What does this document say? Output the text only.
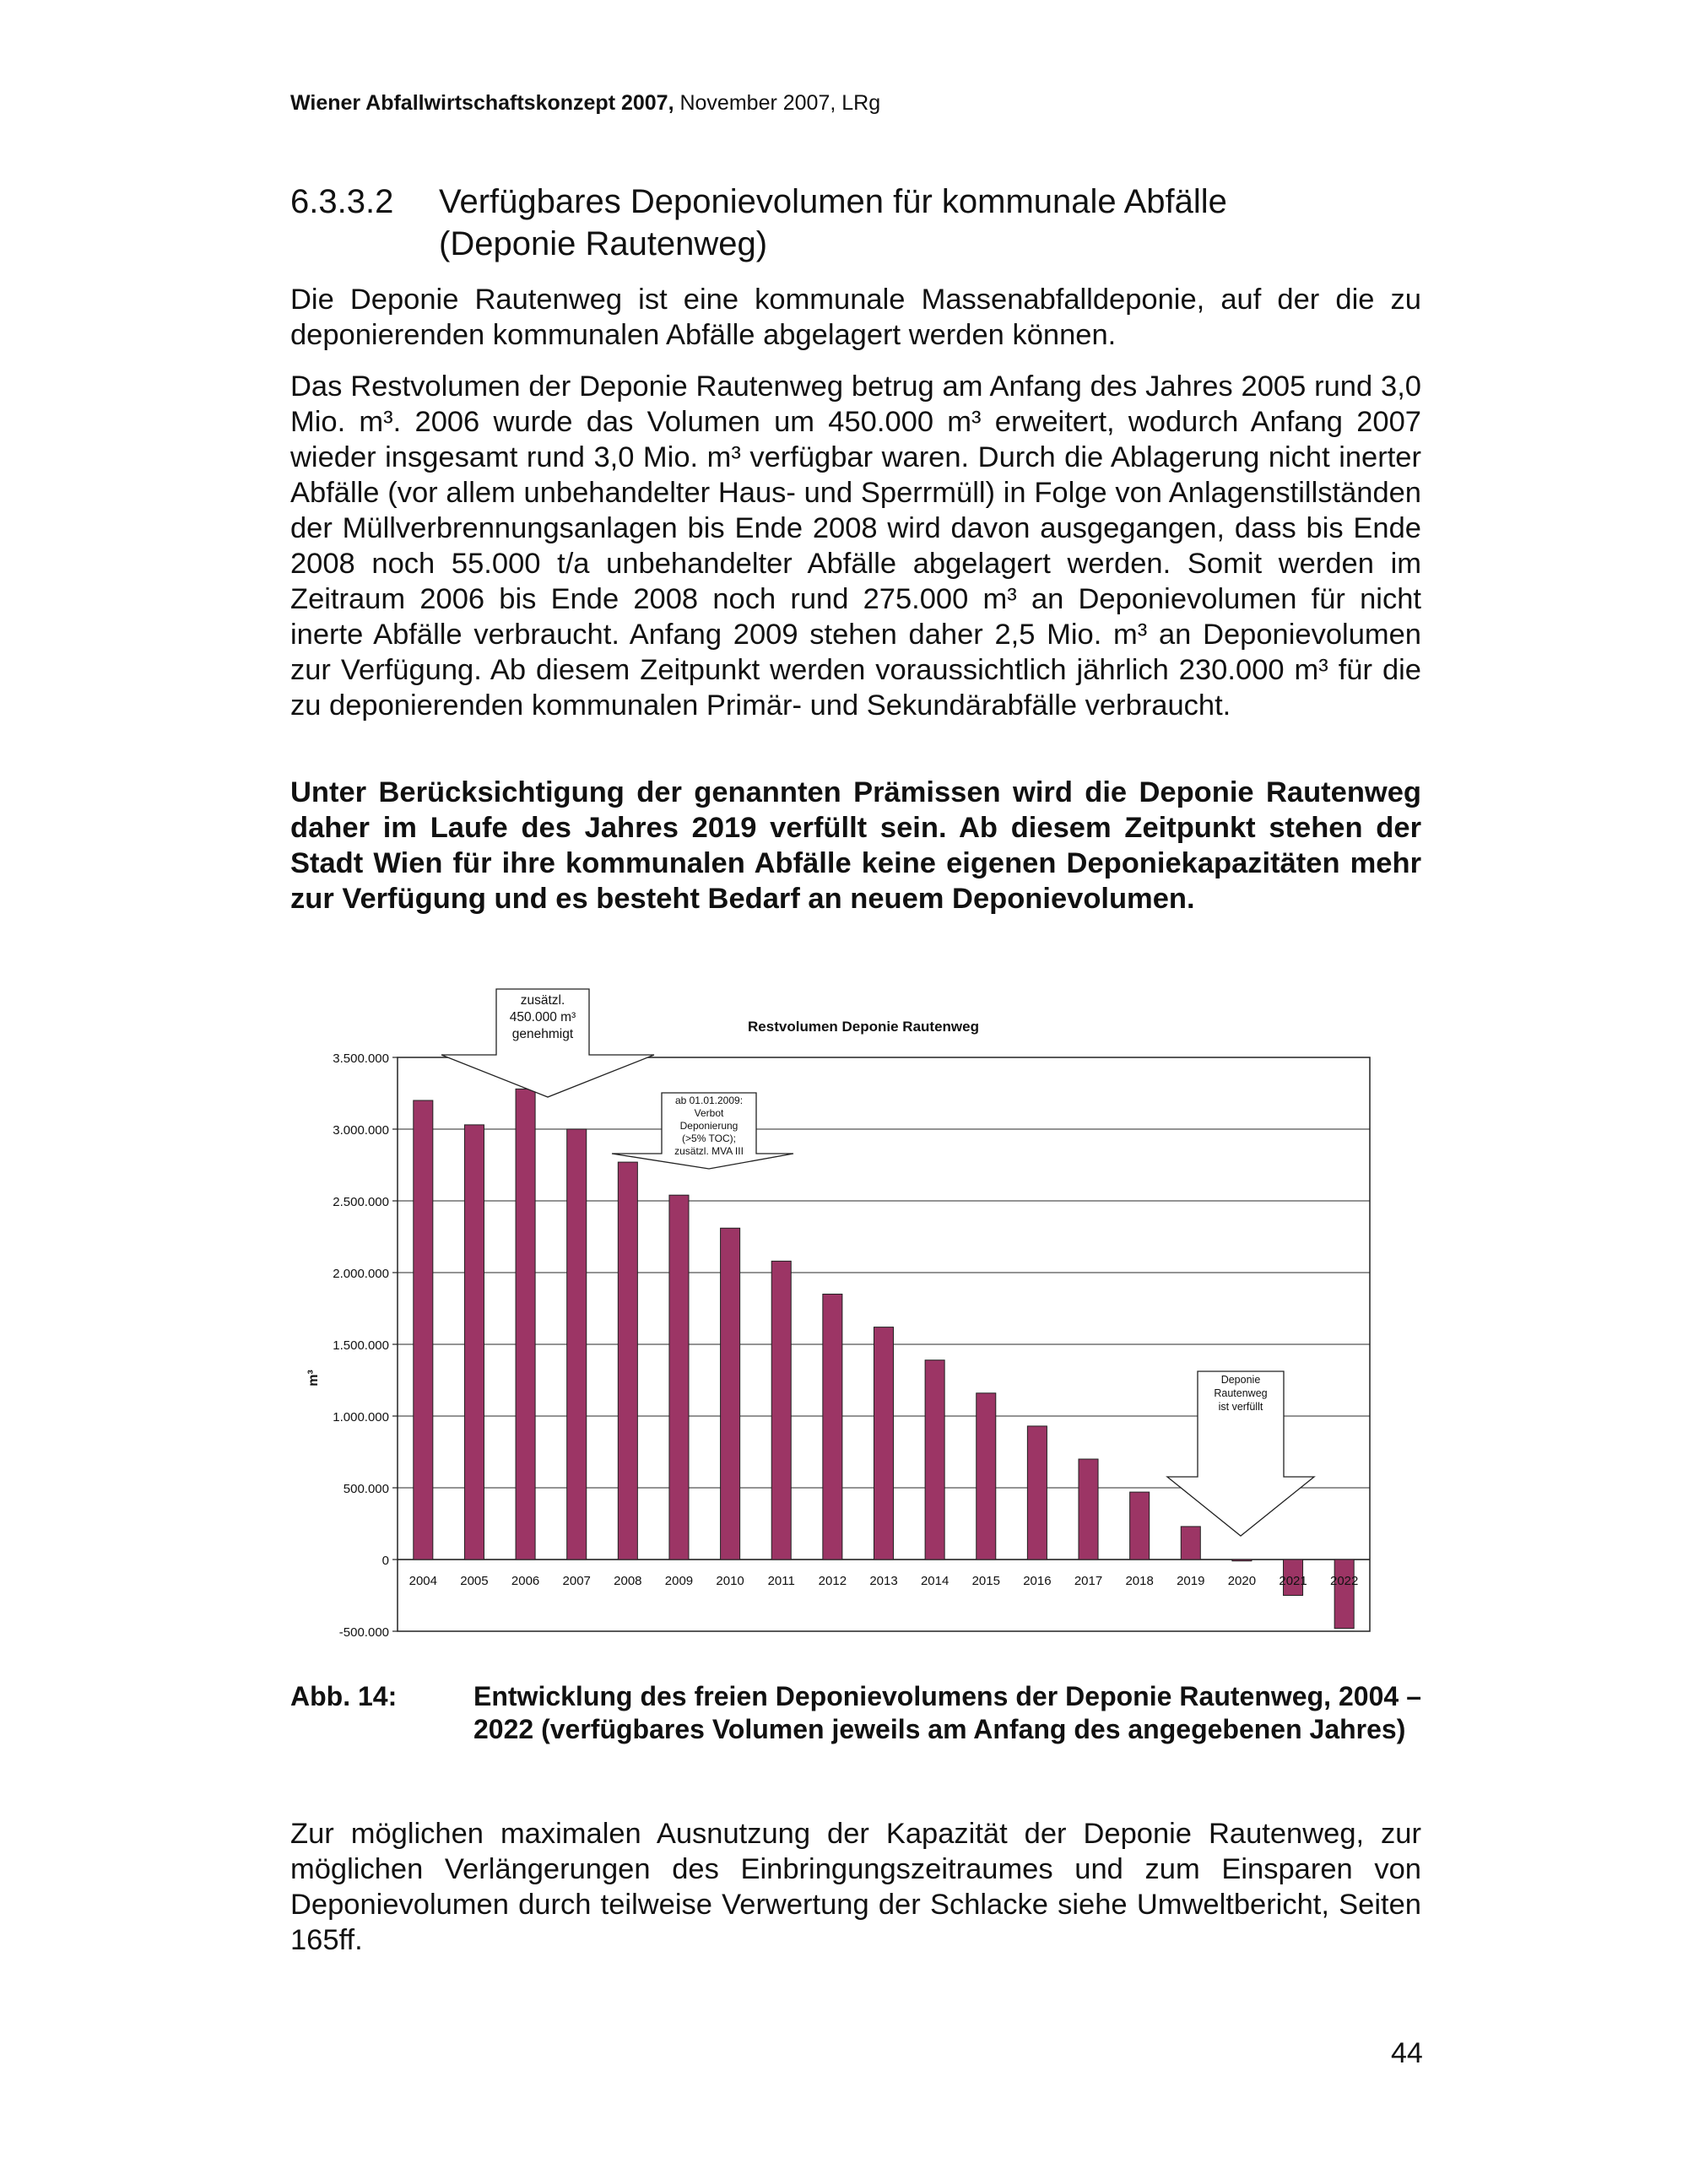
Wiener Abfallwirtschaftskonzept 2007, November 2007, LRg
6.3.3.2 Verfügbares Deponievolumen für kommunale Abfälle
(Deponie Rautenweg)

Die Deponie Rautenweg ist eine kommunale Massenabfalldeponie, auf der die zu deponierenden kommunalen Abfälle abgelagert werden können.

Das Restvolumen der Deponie Rautenweg betrug am Anfang des Jahres 2005 rund 3,0 Mio. m³. 2006 wurde das Volumen um 450.000 m³ erweitert, wodurch Anfang 2007 wieder insgesamt rund 3,0 Mio. m³ verfügbar waren. Durch die Ablagerung nicht inerter Abfälle (vor allem unbehandelter Haus- und Sperrmüll) in Folge von Anlagenstillständen der Müllverbrennungsanlagen bis Ende 2008 wird davon ausgegangen, dass bis Ende 2008 noch 55.000 t/a unbehandelter Abfälle abgelagert werden. Somit werden im Zeitraum 2006 bis Ende 2008 noch rund 275.000 m³ an Deponievolumen für nicht inerte Abfälle verbraucht. Anfang 2009 stehen daher 2,5 Mio. m³ an Deponievolumen zur Verfügung. Ab diesem Zeitpunkt werden voraussichtlich jährlich 230.000 m³ für die zu deponierenden kommunalen Primär- und Sekundärabfälle verbraucht.

Unter Berücksichtigung der genannten Prämissen wird die Deponie Rautenweg daher im Laufe des Jahres 2019 verfüllt sein. Ab diesem Zeitpunkt stehen der Stadt Wien für ihre kommunalen Abfälle keine eigenen Deponiekapazitäten mehr zur Verfügung und es besteht Bedarf an neuem Deponievolumen.

Restvolumen Deponie Rautenweg
m³
-500.000
0
500.000
1.000.000
1.500.000
2.000.000
2.500.000
3.000.000
3.500.000
2004 2005 2006 2007 2008 2009 2010 2011 2012 2013 2014 2015 2016 2017 2018 2019 2020 2021 2022
zusätzl.
450.000 m³
genehmigt
ab 01.01.2009:
Verbot
Deponierung
(>5% TOC);
zusätzl. MVA III
Deponie
Rautenweg
ist verfüllt
Abb. 14:	Entwicklung des freien Deponievolumens der Deponie Rautenweg, 2004 – 2022 (verfügbares Volumen jeweils am Anfang des angegebenen Jahres)

Zur möglichen maximalen Ausnutzung der Kapazität der Deponie Rautenweg, zur möglichen Verlängerungen des Einbringungszeitraumes und zum Einsparen von Deponievolumen durch teilweise Verwertung der Schlacke siehe Umweltbericht, Seiten 165ff.

44
